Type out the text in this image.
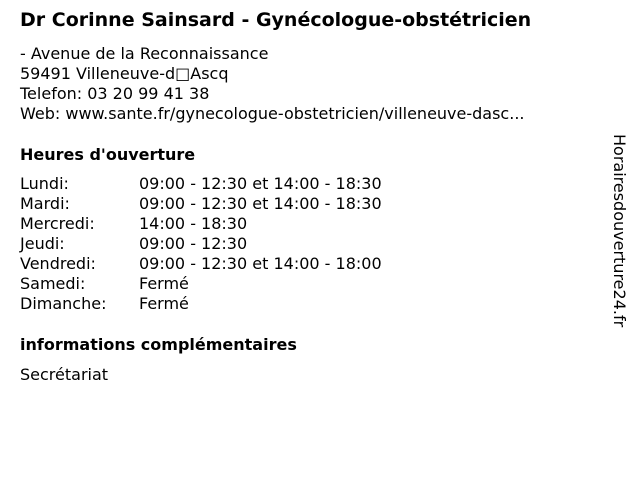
Dr Corinne Sainsard - Gynécologue-obstétricien
- Avenue de la Reconnaissance
59491 Villeneuve-d□Ascq
Telefon: 03 20 99 41 38
Web: www.sante.fr/gynecologue-obstetricien/villeneuve-dasc...
Heures d'ouverture
Lundi:	09:00 - 12:30 et 14:00 - 18:30
Mardi:	09:00 - 12:30 et 14:00 - 18:30
Mercredi:	14:00 - 18:30
Jeudi:	09:00 - 12:30
Vendredi:	09:00 - 12:30 et 14:00 - 18:00
Samedi:	Fermé
Dimanche: Fermé
informations complémentaires
Secrétariat
Horairesdouverture24.fr
